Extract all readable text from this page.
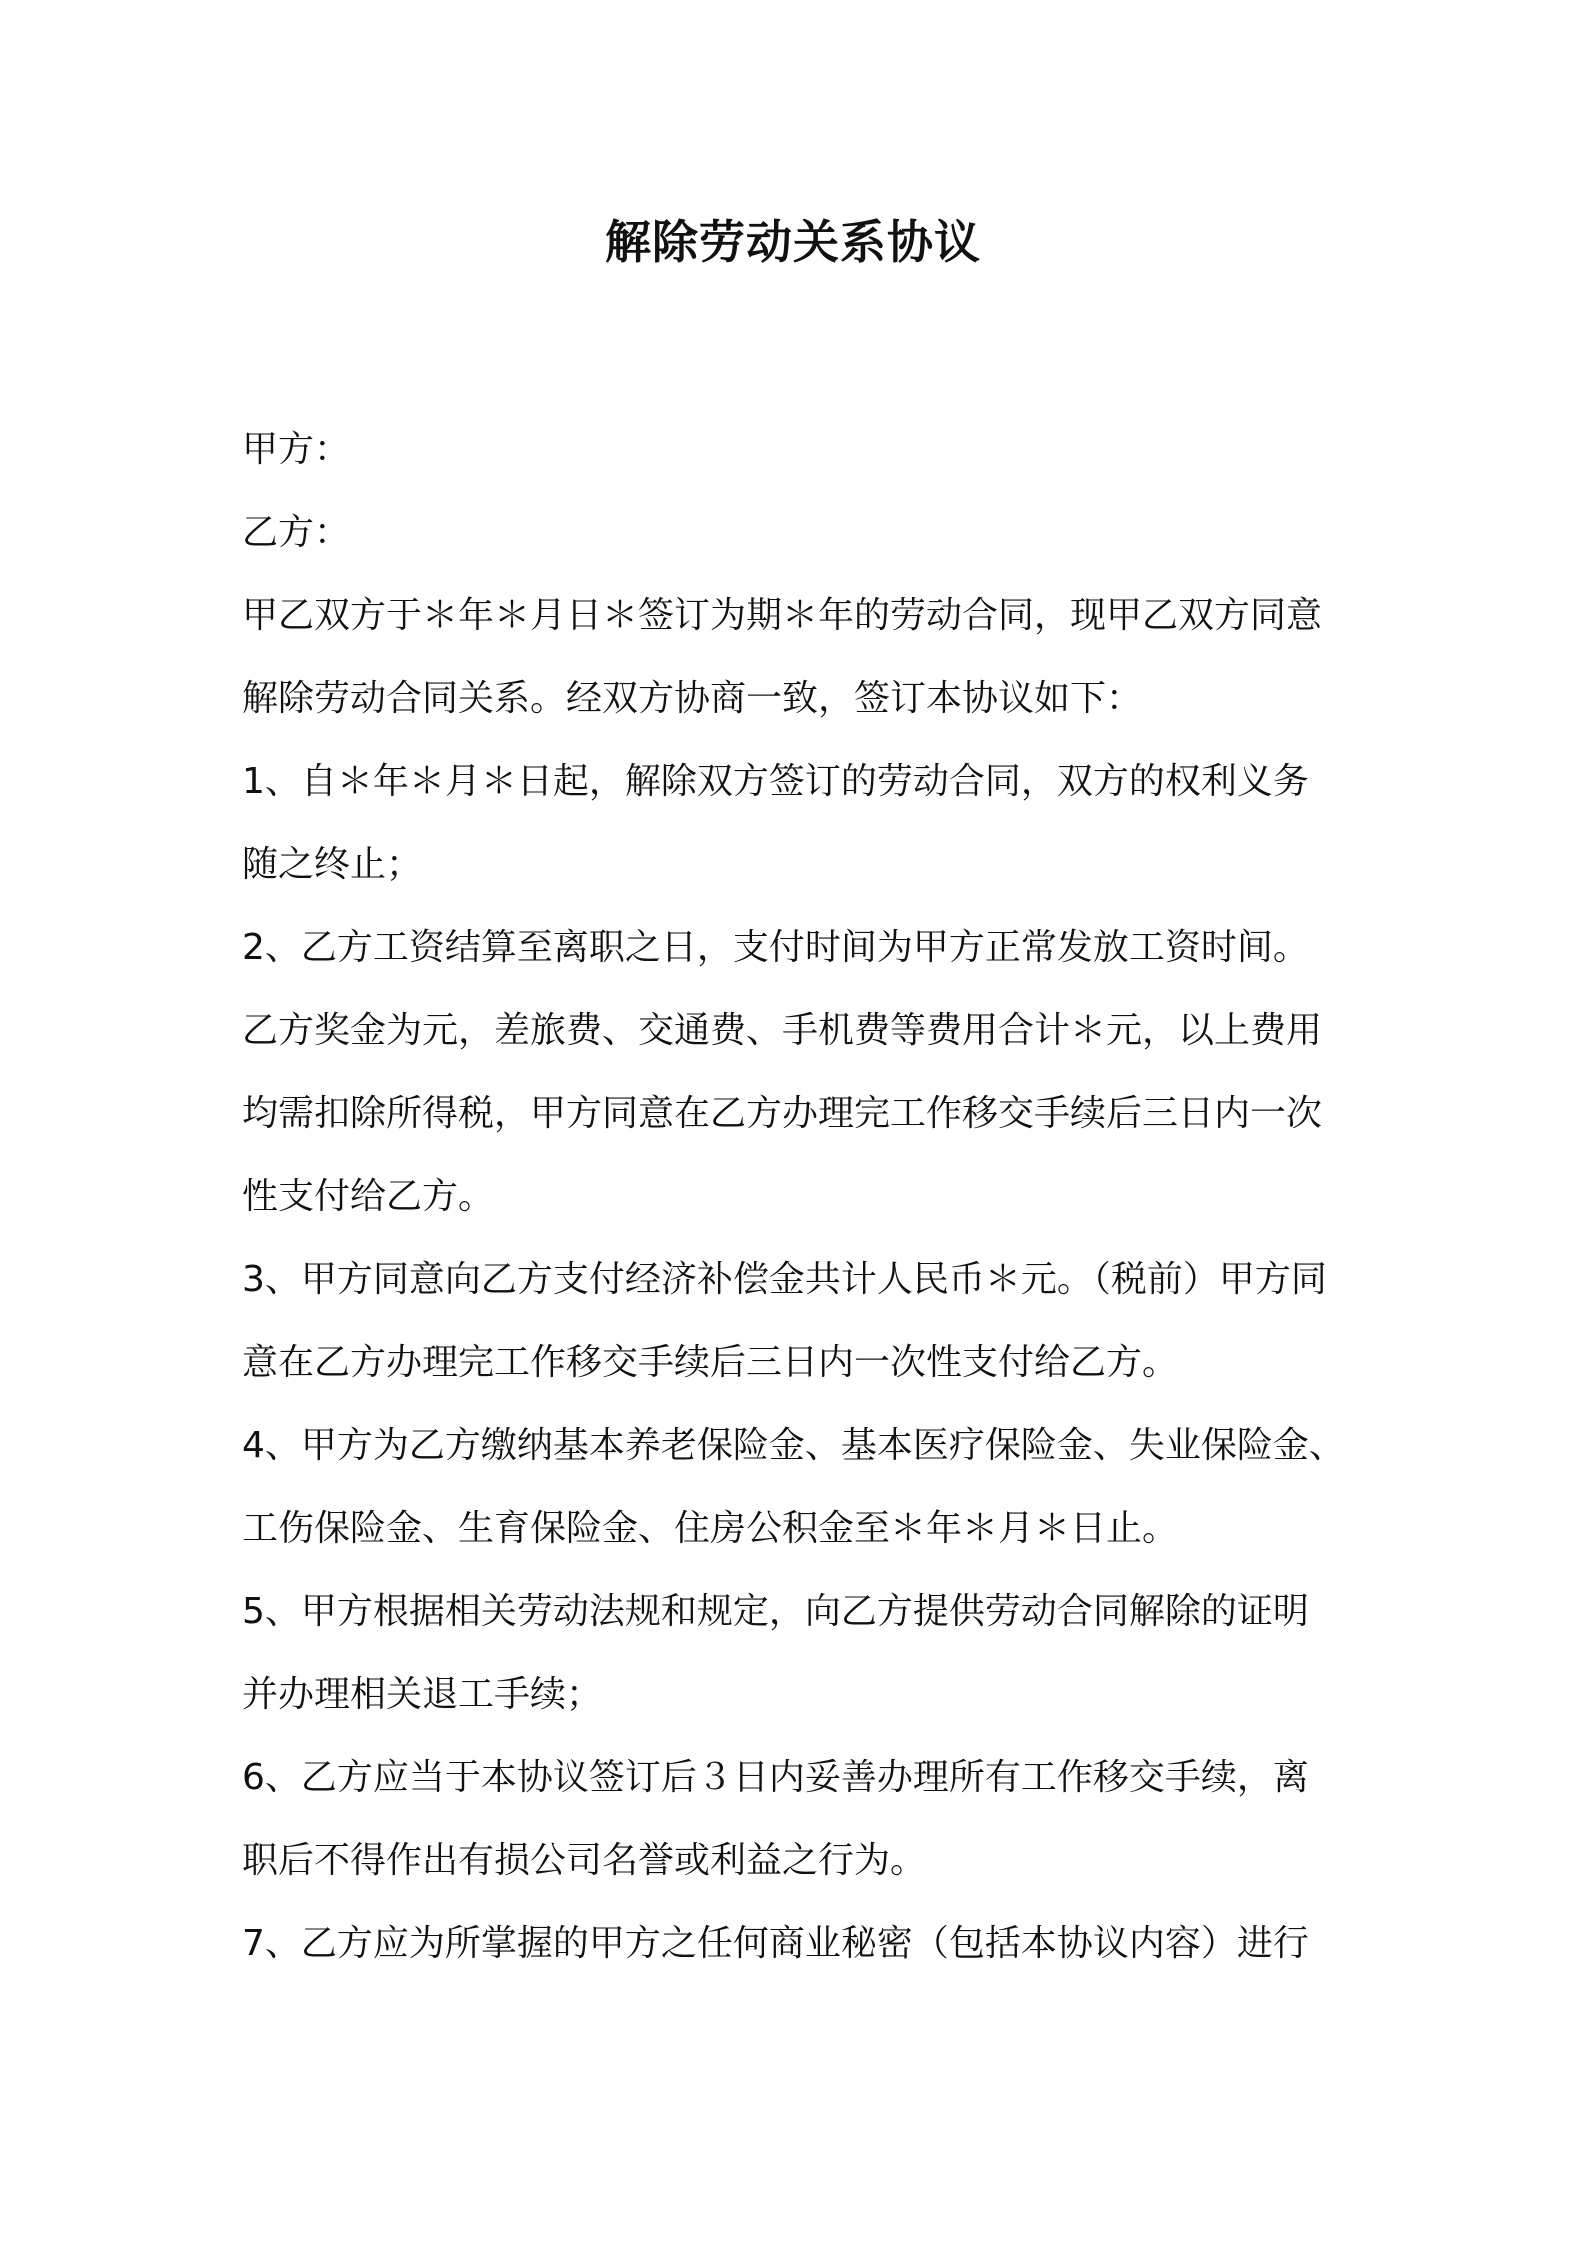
解除劳动关系协议
甲方：
乙方：
甲乙双方于＊年＊月日＊签订为期＊年的劳动合同，现甲乙双方同意
解除劳动合同关系。经双方协商一致，签订本协议如下：
1、自＊年＊月＊日起，解除双方签订的劳动合同，双方的权利义务
随之终止；
2、乙方工资结算至离职之日，支付时间为甲方正常发放工资时间。
乙方奖金为元，差旅费、交通费、手机费等费用合计＊元，以上费用
均需扣除所得税，甲方同意在乙方办理完工作移交手续后三日内一次
性支付给乙方。
3、甲方同意向乙方支付经济补偿金共计人民币＊元。（税前）甲方同
意在乙方办理完工作移交手续后三日内一次性支付给乙方。
4、甲方为乙方缴纳基本养老保险金、基本医疗保险金、失业保险金、
工伤保险金、生育保险金、住房公积金至＊年＊月＊日止。
5、甲方根据相关劳动法规和规定，向乙方提供劳动合同解除的证明
并办理相关退工手续；
6、乙方应当于本协议签订后３日内妥善办理所有工作移交手续，离
职后不得作出有损公司名誉或利益之行为。
7、乙方应为所掌握的甲方之任何商业秘密（包括本协议内容）进行
